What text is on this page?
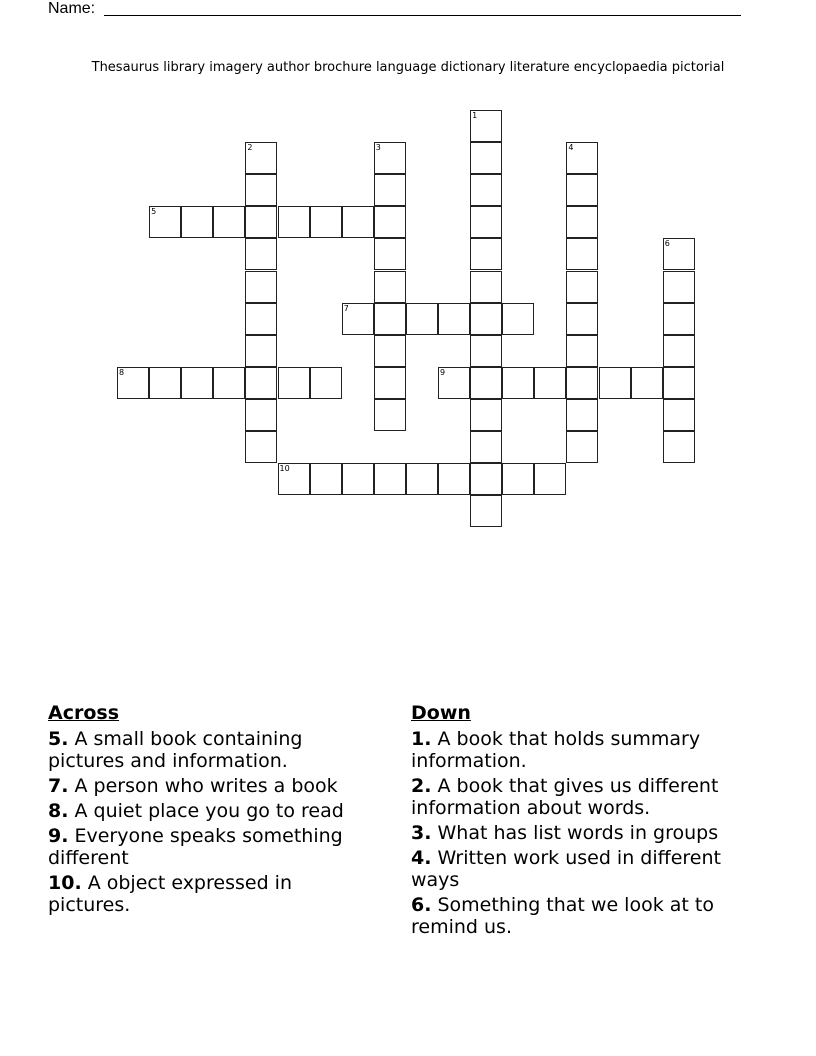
Name:
Thesaurus library imagery author brochure language dictionary literature encyclopaedia pictorial
5
7
8	9
10
1
2	3	4
6
Across
5. A small book containing pictures and information.
7. A person who writes a book
8. A quiet place you go to read
9. Everyone speaks something different
10. A object expressed in pictures.
Down
1. A book that holds summary information.
2. A book that gives us different information about words.
3. What has list words in groups
4. Written work used in different ways
6. Something that we look at to remind us.
